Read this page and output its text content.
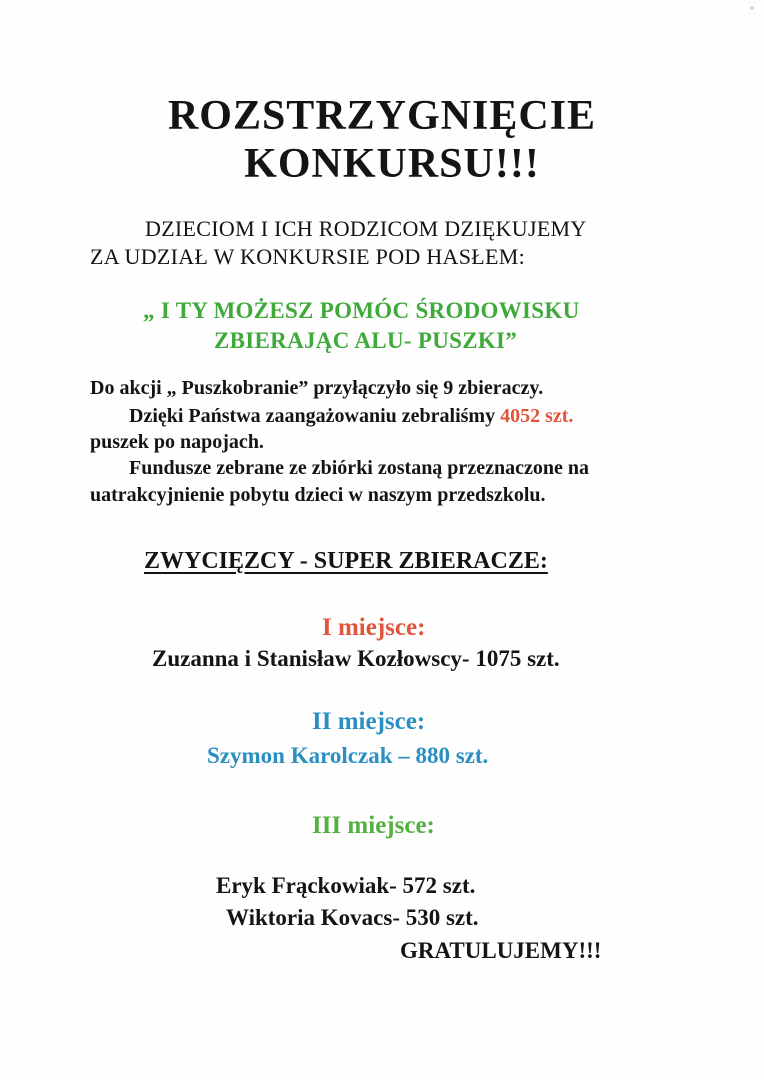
ROZSTRZYGNIĘCIE

KONKURSU!!!

DZIECIOM I ICH RODZICOM DZIĘKUJEMY

ZA UDZIAŁ W KONKURSIE POD HASŁEM:

„ I TY MOŻESZ POMÓC ŚRODOWISKU

ZBIERAJĄC ALU- PUSZKI”

Do akcji „ Puszkobranie” przyłączyło się 9 zbieraczy.

Dzięki Państwa zaangażowaniu zebraliśmy 4052 szt.

puszek po napojach.

Fundusze zebrane ze zbiórki zostaną przeznaczone na

uatrakcyjnienie pobytu dzieci w naszym przedszkolu.

ZWYCIĘZCY - SUPER ZBIERACZE:

I miejsce:

Zuzanna i Stanisław Kozłowscy- 1075 szt.

II miejsce:

Szymon Karolczak – 880 szt.

III miejsce:

Eryk Frąckowiak- 572 szt.

Wiktoria Kovacs- 530 szt.

GRATULUJEMY!!!
